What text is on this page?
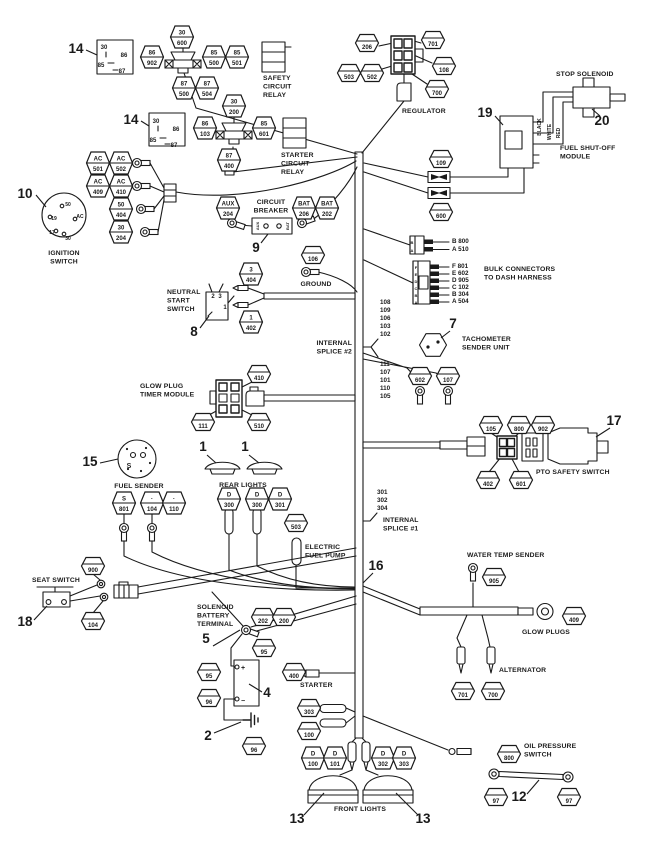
30
600
86
902
85
500
85
501
87
500
87
504
30
200
86
103
85
601
87
400
206	701
503 502
108
700
109
600
AC
501
AC
502
AC
409
AC
410
50
404
30
204
AUX
204
BAT
206
BAT
202
106
3
404
1
402
410
111	510
602	107
105	800 902
402	601
S
801
·
104
·
110
D
300
D
300
D
301
503
905
900
104
202 200
95
95
96
96
400
303
100
409
701	700
800
97	97
D
100
D
101
D
302
D
303
108
109
106
103
102
111
107
101
110
105
301
302
304
B 800
A 510
F 801
E 602
D 905
C 102
B 304
A 504
SAFETY
CIRCUIT
RELAY
STARTER
CIRCUIT
RELAY
REGULATOR
STOP SOLENOID
FUEL SHUT-OFF
MODULE
IGNITION
SWITCH
CIRCUIT
BREAKER
GROUND
NEUTRAL
START
SWITCH
BULK CONNECTORS
TO DASH HARNESS
INTERNAL
SPLICE #2
TACHOMETER
SENDER UNIT
GLOW PLUG
TIMER MODULE
PTO SAFETY SWITCH
FUEL SENDER	REAR LIGHTS
ELECTRIC
FUEL PUMP
INTERNAL
SPLICE #1
WATER TEMP SENDER
GLOW PLUGS
ALTERNATOR
SEAT SWITCH
SOLENOID
BATTERY
TERMINAL
STARTER
OIL PRESSURE
SWITCH
FRONT LIGHTS
14
14
10
9
19
20
7
8
15
1	1
17
16
18
5
4
2
12
13	13
30
86
85
87
30
86
85
87
50
19	AC
17
30
2 3
1
+
−
AUX	BAT
BLACK WHITE RED
S
B
A
F
E
D
C
B
A
